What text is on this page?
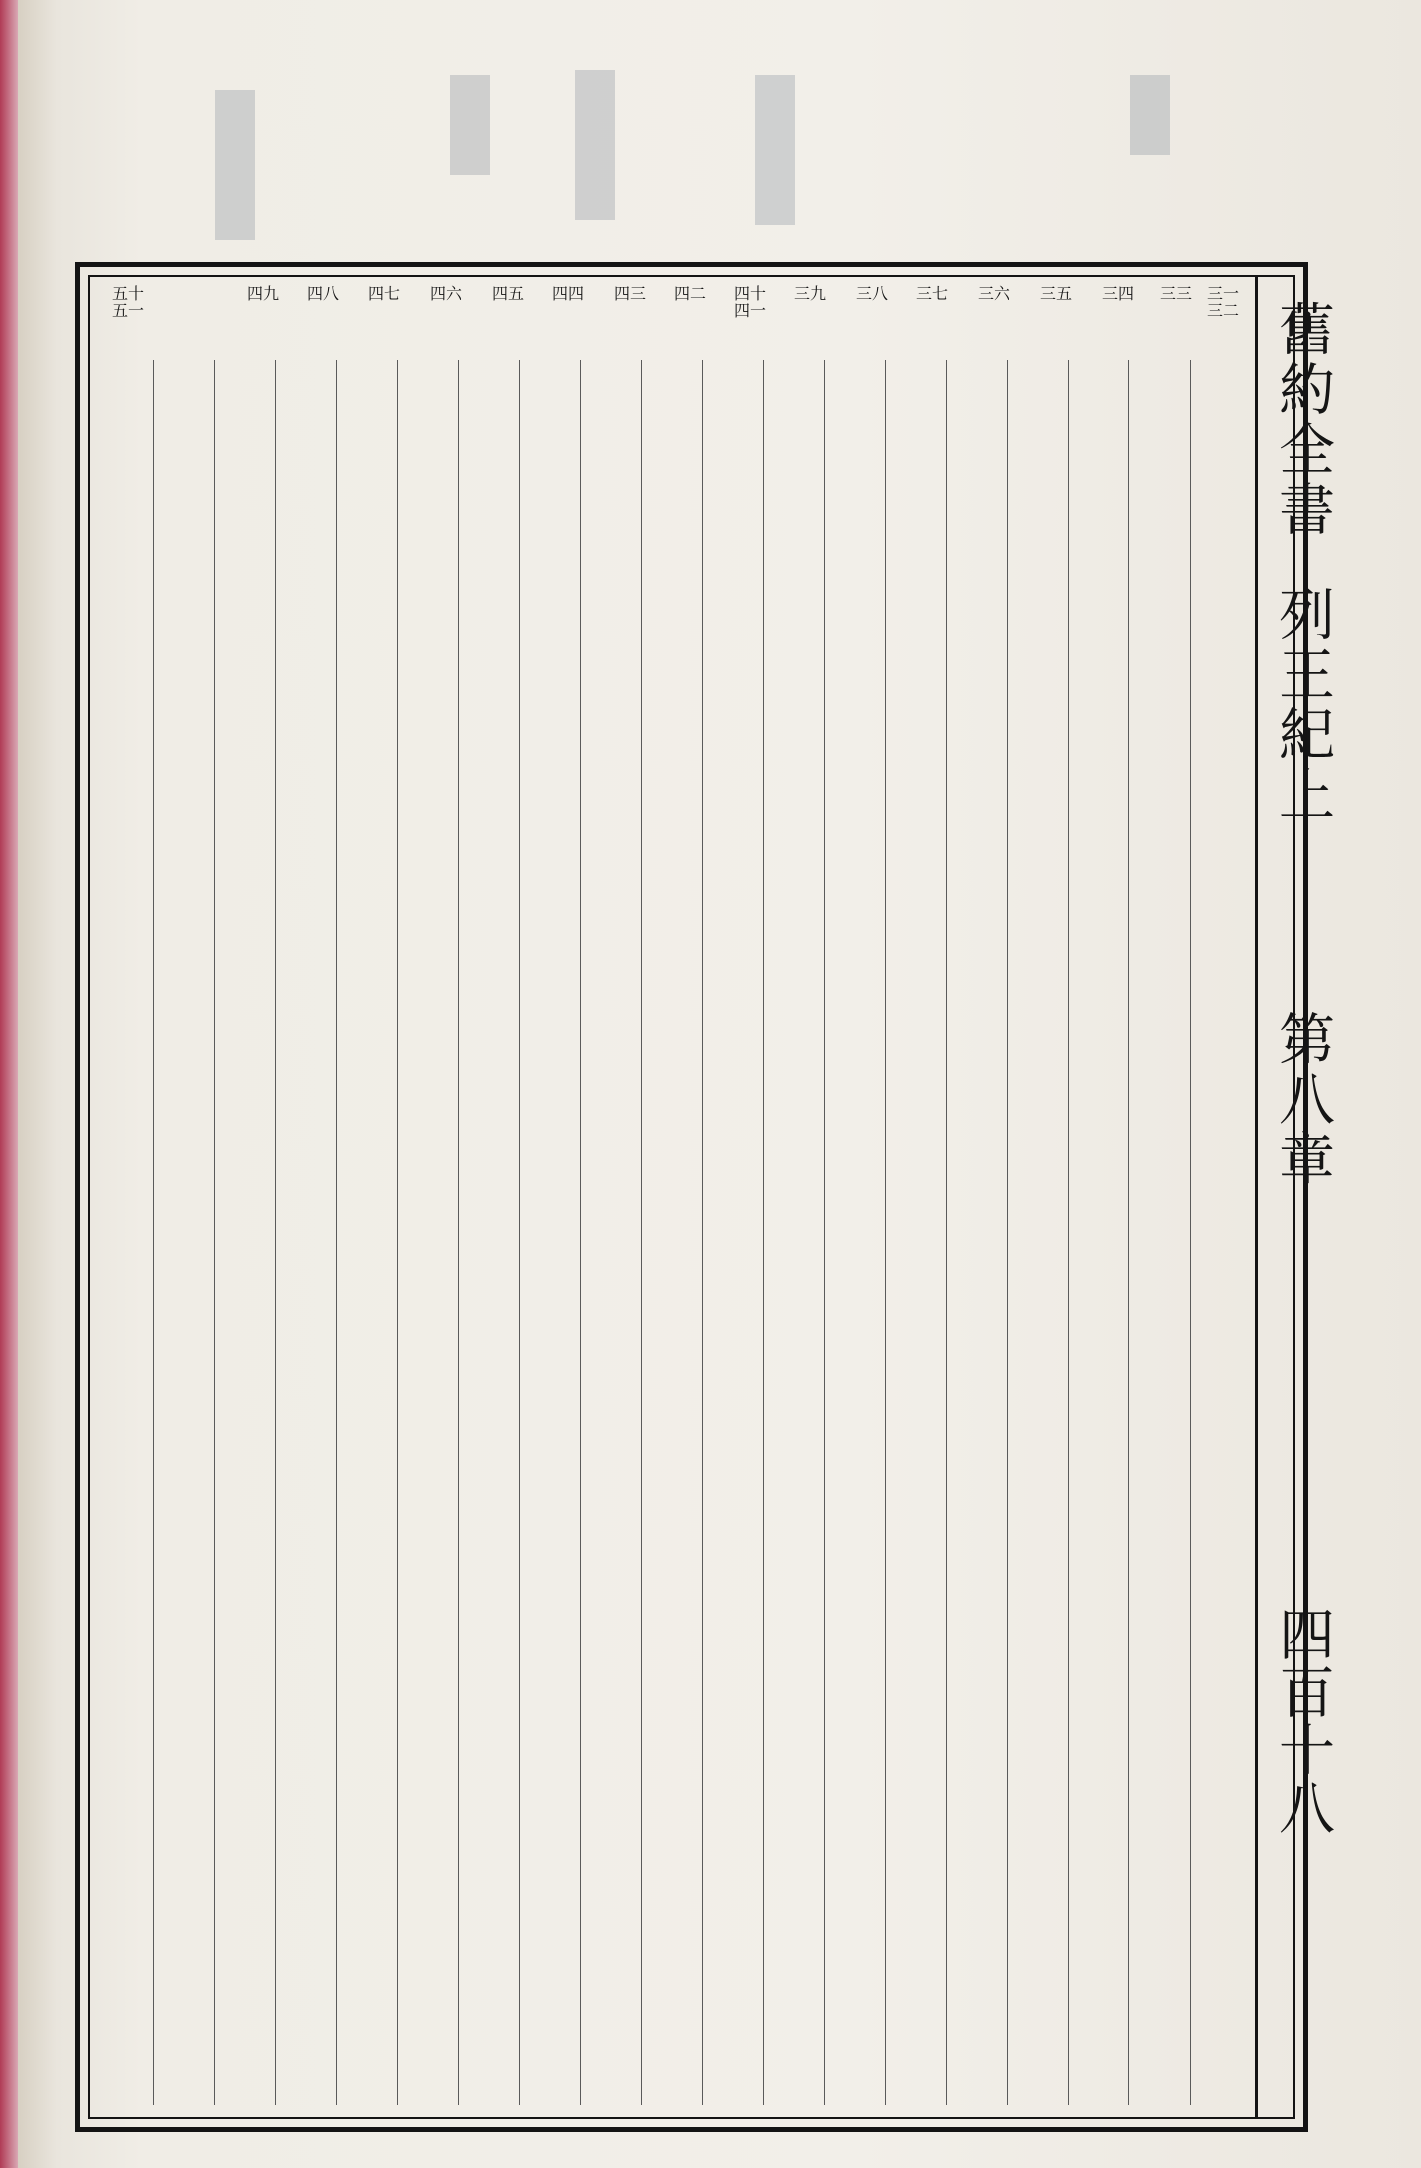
舊約全書
列王紀上
第八章
四百十八
三一 三二
三三
三四
三五
三六
三七
三八
三九
四十 四一
四二
四三
四四
四五
四六
四七
四八
四九
五十 五一
